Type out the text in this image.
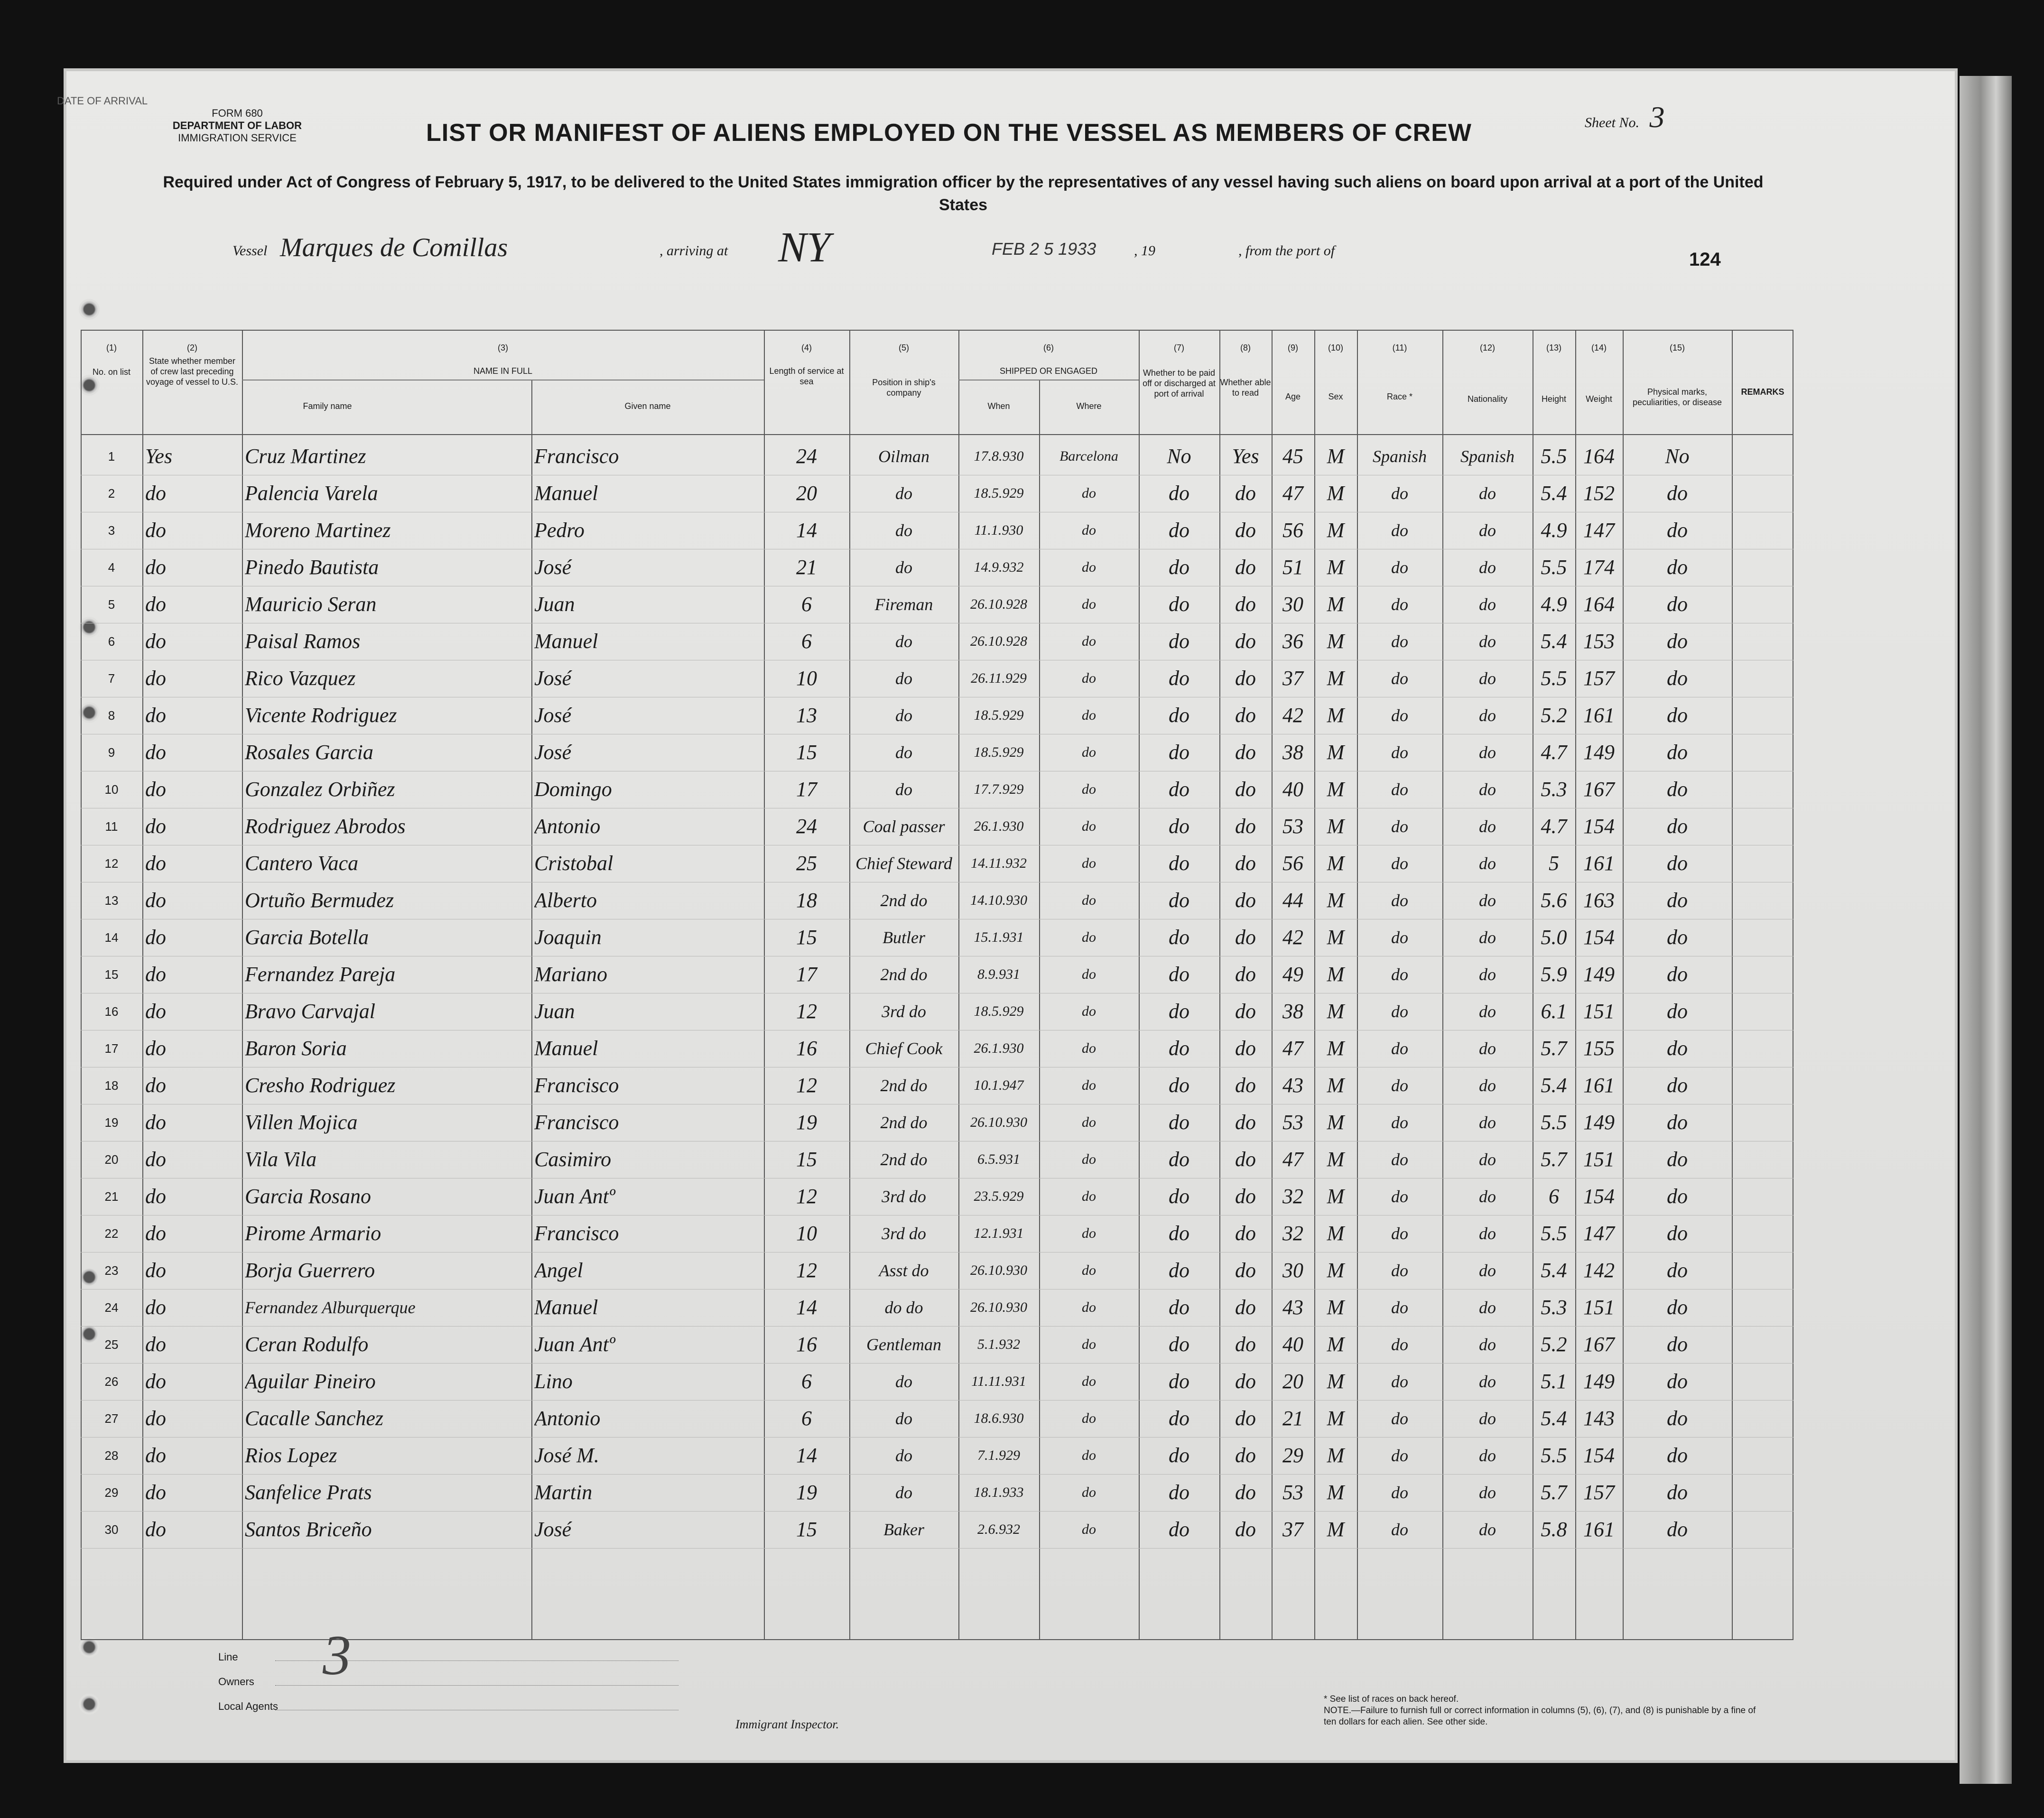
DATE OF ARRIVAL
FORM 680
DEPARTMENT OF LABOR
IMMIGRATION SERVICE
Sheet No. 3
LIST OR MANIFEST OF ALIENS EMPLOYED ON THE VESSEL AS MEMBERS OF CREW
Required under Act of Congress of February 5, 1917, to be delivered to the United States immigration officer by the representatives of any vessel having such aliens on board upon arrival at a port of the United States
Vessel Marques de Comillas	, arriving at NY	FEB 2 5 1933	, 19	, from the port of	124
(1)
No. on list
(2)
State whether member of crew last preceding voyage of vessel to U.S.
(3)
NAME IN FULL
Family name	Given name
(4)
Length of service at sea
(5)
Position in ship's company
(6)
SHIPPED OR ENGAGED
When	Where
(7)
Whether to be paid off or discharged at port of arrival
(8)
Whether able to read
(9)
Age
(10)
Sex
(11)
Race *
(12)
Nationality
(13)
Height
(14)
Weight
(15)
Physical marks, peculiarities, or disease
REMARKS
1	Yes	Cruz Martinez	Francisco	24	Oilman	17.8.930	Barcelona	No	Yes	45	M	Spanish	Spanish	5.5 164	No
2	do	Palencia Varela	Manuel	20	do	18.5.929	do	do	do	47	M	do	do	5.4 152	do
3	do	Moreno Martinez	Pedro	14	do	11.1.930	do	do	do	56	M	do	do	4.9 147	do
4	do	Pinedo Bautista	José	21	do	14.9.932	do	do	do	51	M	do	do	5.5 174	do
5	do	Mauricio Seran	Juan	6	Fireman	26.10.928	do	do	do	30	M	do	do	4.9 164	do
6	do	Paisal Ramos	Manuel	6	do	26.10.928	do	do	do	36	M	do	do	5.4 153	do
7	do	Rico Vazquez	José	10	do	26.11.929	do	do	do	37	M	do	do	5.5 157	do
8	do	Vicente Rodriguez	José	13	do	18.5.929	do	do	do	42	M	do	do	5.2 161	do
9	do	Rosales Garcia	José	15	do	18.5.929	do	do	do	38	M	do	do	4.7 149	do
10	do	Gonzalez Orbiñez	Domingo	17	do	17.7.929	do	do	do	40	M	do	do	5.3 167	do
11	do	Rodriguez Abrodos	Antonio	24	Coal passer	26.1.930	do	do	do	53	M	do	do	4.7 154	do
12	do	Cantero Vaca	Cristobal	25	Chief Steward	14.11.932	do	do	do	56	M	do	do	5	161	do
13	do	Ortuño Bermudez	Alberto	18	2nd do	14.10.930	do	do	do	44	M	do	do	5.6 163	do
14	do	Garcia Botella	Joaquin	15	Butler	15.1.931	do	do	do	42	M	do	do	5.0 154	do
15	do	Fernandez Pareja	Mariano	17	2nd do	8.9.931	do	do	do	49	M	do	do	5.9 149	do
16	do	Bravo Carvajal	Juan	12	3rd do	18.5.929	do	do	do	38	M	do	do	6.1 151	do
17	do	Baron Soria	Manuel	16	Chief Cook	26.1.930	do	do	do	47	M	do	do	5.7 155	do
18	do	Cresho Rodriguez	Francisco	12	2nd do	10.1.947	do	do	do	43	M	do	do	5.4 161	do
19	do	Villen Mojica	Francisco	19	2nd do	26.10.930	do	do	do	53	M	do	do	5.5 149	do
20	do	Vila Vila	Casimiro	15	2nd do	6.5.931	do	do	do	47	M	do	do	5.7 151	do
21	do	Garcia Rosano	Juan Antº	12	3rd do	23.5.929	do	do	do	32	M	do	do	6	154	do
22	do	Pirome Armario	Francisco	10	3rd do	12.1.931	do	do	do	32	M	do	do	5.5 147	do
23	do	Borja Guerrero	Angel	12	Asst do	26.10.930	do	do	do	30	M	do	do	5.4 142	do
24	do	Fernandez Alburquerque	Manuel	14	do do	26.10.930	do	do	do	43	M	do	do	5.3 151	do
25	do	Ceran Rodulfo	Juan Antº	16	Gentleman	5.1.932	do	do	do	40	M	do	do	5.2 167	do
26	do	Aguilar Pineiro	Lino	6	do	11.11.931	do	do	do	20	M	do	do	5.1 149	do
27	do	Cacalle Sanchez	Antonio	6	do	18.6.930	do	do	do	21	M	do	do	5.4 143	do
28	do	Rios Lopez	José M.	14	do	7.1.929	do	do	do	29	M	do	do	5.5 154	do
29	do	Sanfelice Prats	Martin	19	do	18.1.933	do	do	do	53	M	do	do	5.7 157	do
30	do	Santos Briceño	José	15	Baker	2.6.932	do	do	do	37	M	do	do	5.8 161	do
Line
Owners
Local Agents
3
Immigrant Inspector.
* See list of races on back hereof.
NOTE.—Failure to furnish full or correct information in columns (5), (6), (7), and (8) is punishable by a fine of ten dollars for each alien. See other side.
